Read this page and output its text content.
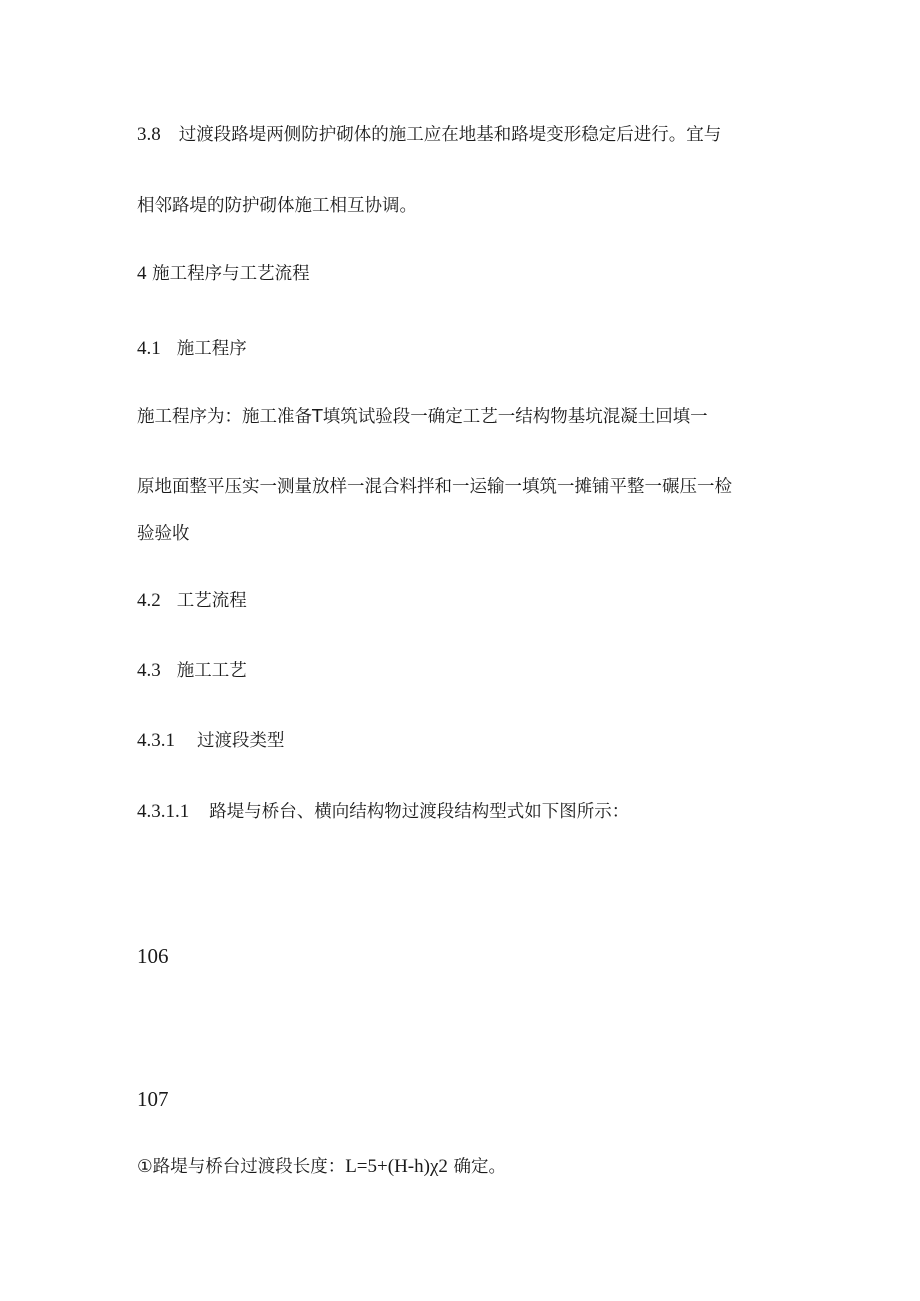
3.8 过渡段路堤两侧防护砌体的施工应在地基和路堤变形稳定后进行。宜与
相邻路堤的防护砌体施工相互协调。
4 施工程序与工艺流程
4.1 施工程序
施工程序为：施工准备T填筑试验段一确定工艺一结构物基坑混凝土回填一
原地面整平压实一测量放样一混合料拌和一运输一填筑一摊铺平整一碾压一检
验验收
4.2 工艺流程
4.3 施工工艺
4.3.1 过渡段类型
4.3.1.1 路堤与桥台、横向结构物过渡段结构型式如下图所示：
106
107
①路堤与桥台过渡段长度：L=5+(H-h)χ2 确定。
